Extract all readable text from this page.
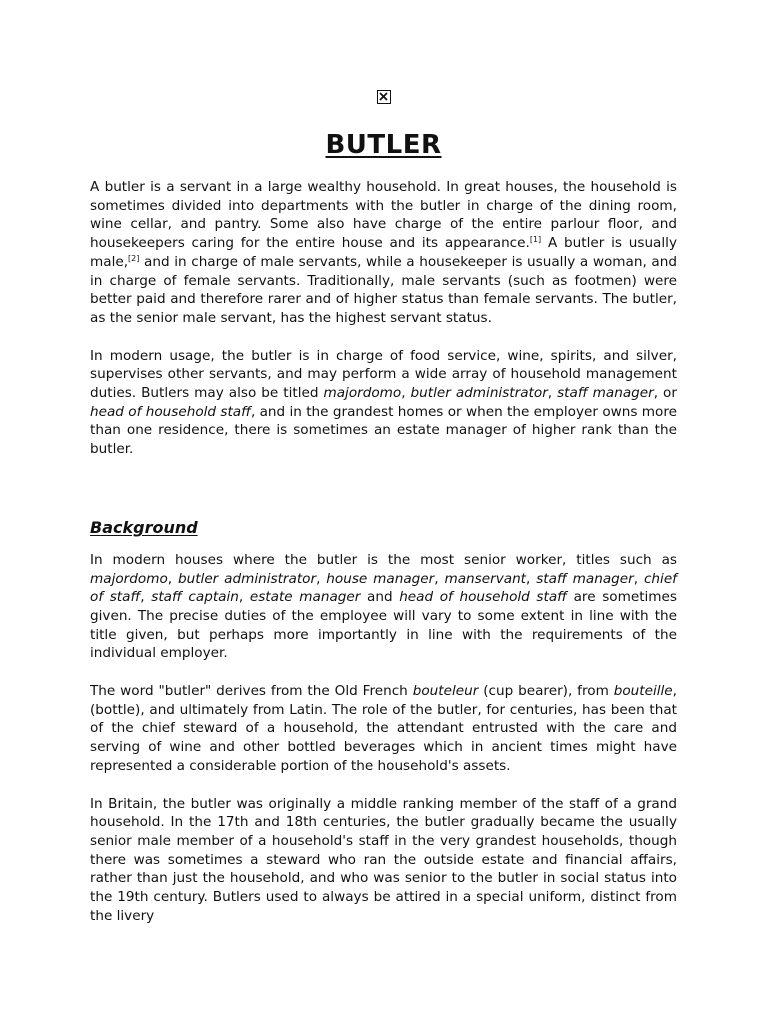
BUTLER

A butler is a servant in a large wealthy household. In great houses, the household is sometimes divided into departments with the butler in charge of the dining room, wine cellar, and pantry. Some also have charge of the entire parlour floor, and housekeepers caring for the entire house and its appearance.[1] A butler is usually male,[2] and in charge of male servants, while a housekeeper is usually a woman, and in charge of female servants. Traditionally, male servants (such as footmen) were better paid and therefore rarer and of higher status than female servants. The butler, as the senior male servant, has the highest servant status.

In modern usage, the butler is in charge of food service, wine, spirits, and silver, supervises other servants, and may perform a wide array of household management duties. Butlers may also be titled majordomo, butler administrator, staff manager, or head of household staff, and in the grandest homes or when the employer owns more than one residence, there is sometimes an estate manager of higher rank than the butler.

Background

In modern houses where the butler is the most senior worker, titles such as majordomo, butler administrator, house manager, manservant, staff manager, chief of staff, staff captain, estate manager and head of household staff are sometimes given. The precise duties of the employee will vary to some extent in line with the title given, but perhaps more importantly in line with the requirements of the individual employer.

The word "butler" derives from the Old French bouteleur (cup bearer), from bouteille, (bottle), and ultimately from Latin. The role of the butler, for centuries, has been that of the chief steward of a household, the attendant entrusted with the care and serving of wine and other bottled beverages which in ancient times might have represented a considerable portion of the household's assets.

In Britain, the butler was originally a middle ranking member of the staff of a grand household. In the 17th and 18th centuries, the butler gradually became the usually senior male member of a household's staff in the very grandest households, though there was sometimes a steward who ran the outside estate and financial affairs, rather than just the household, and who was senior to the butler in social status into the 19th century. Butlers used to always be attired in a special uniform, distinct from the livery
